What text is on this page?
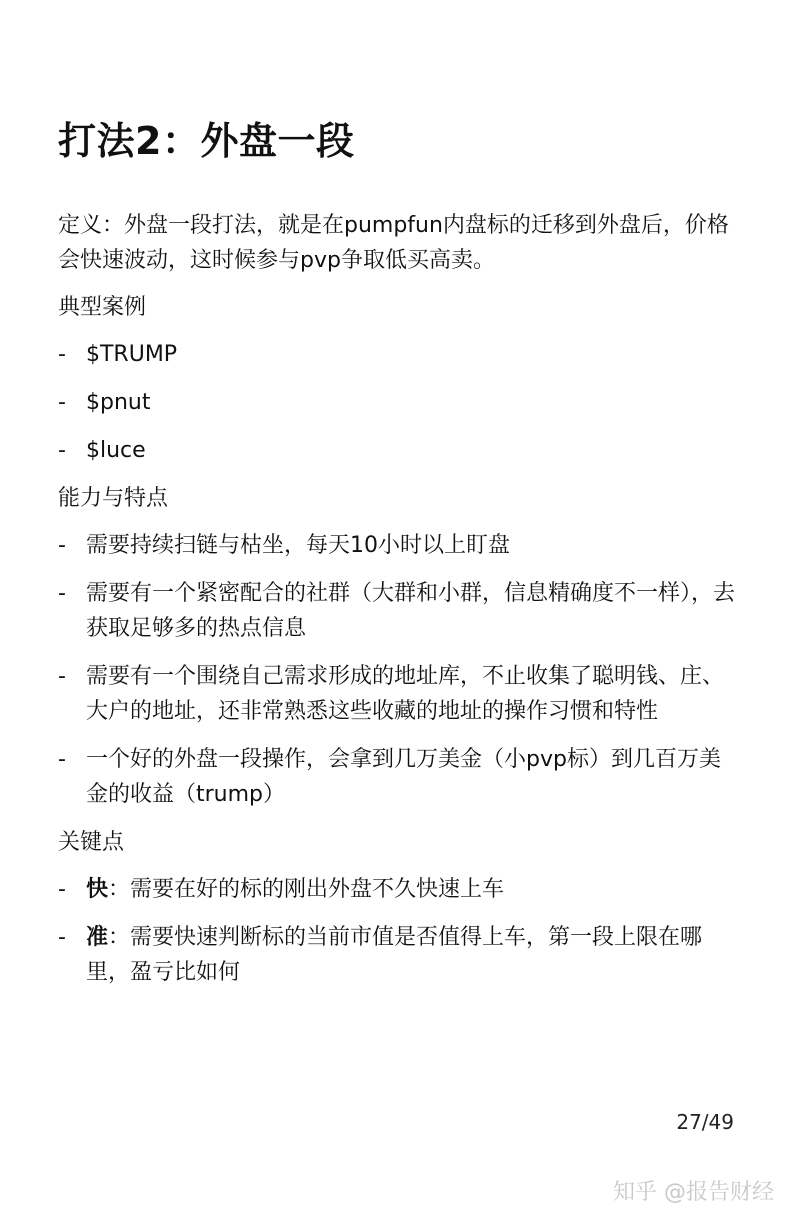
打法2：外盘一段

定义：外盘一段打法，就是在pumpfun内盘标的迁移到外盘后，价格会快速波动，这时候参与pvp争取低买高卖。

典型案例
- $TRUMP
- $pnut
- $luce
能力与特点
- 需要持续扫链与枯坐，每天10小时以上盯盘
- 需要有一个紧密配合的社群（大群和小群，信息精确度不一样），去获取足够多的热点信息
- 需要有一个围绕自己需求形成的地址库，不止收集了聪明钱、庄、大户的地址，还非常熟悉这些收藏的地址的操作习惯和特性
- 一个好的外盘一段操作，会拿到几万美金（小pvp标）到几百万美金的收益（trump）
关键点
- 快：需要在好的标的刚出外盘不久快速上车
- 准：需要快速判断标的当前市值是否值得上车，第一段上限在哪里，盈亏比如何
27/49
知乎 @报告财经
